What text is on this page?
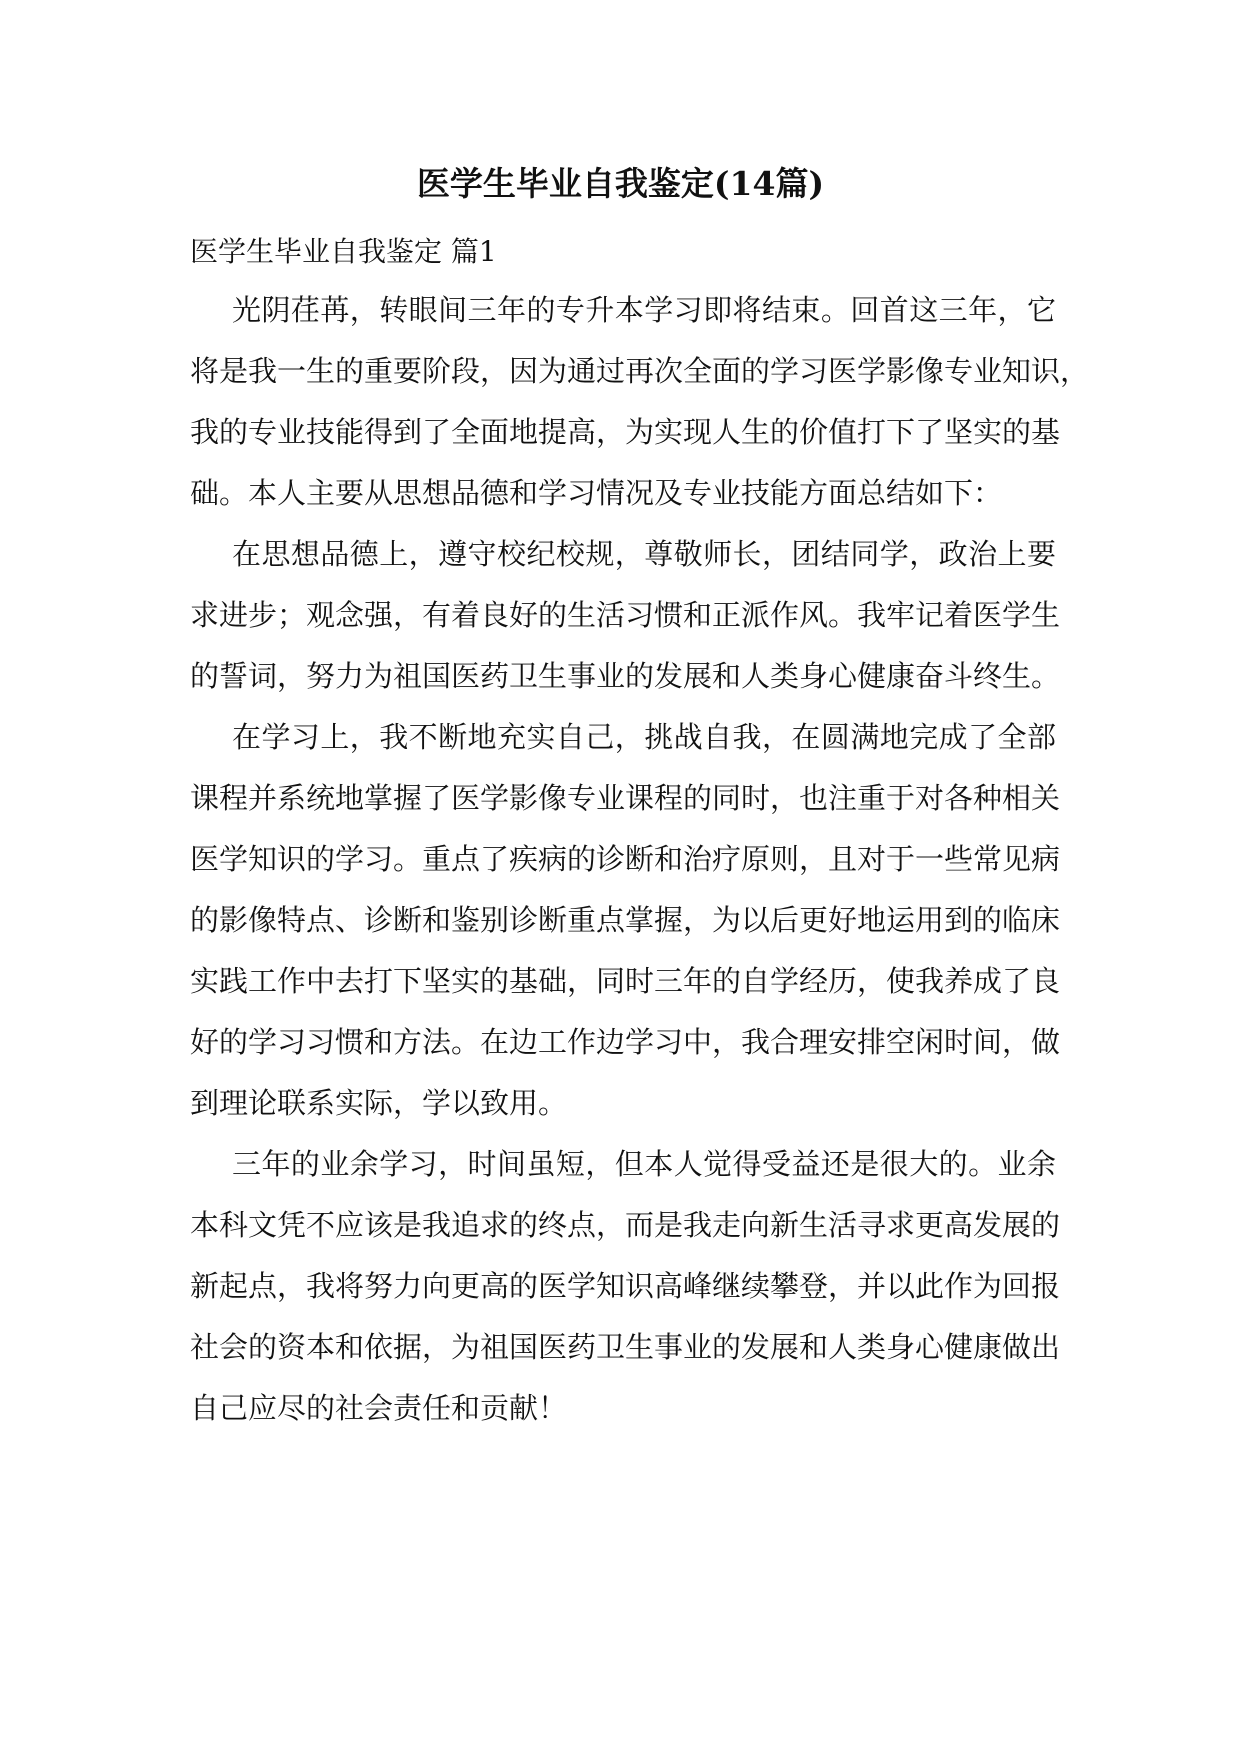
医学生毕业自我鉴定(14篇)
医学生毕业自我鉴定 篇1
光阴荏苒，转眼间三年的专升本学习即将结束。回首这三年，它
将是我一生的重要阶段，因为通过再次全面的学习医学影像专业知识，
我的专业技能得到了全面地提高，为实现人生的价值打下了坚实的基
础。本人主要从思想品德和学习情况及专业技能方面总结如下：
在思想品德上，遵守校纪校规，尊敬师长，团结同学，政治上要
求进步；观念强，有着良好的生活习惯和正派作风。我牢记着医学生
的誓词，努力为祖国医药卫生事业的发展和人类身心健康奋斗终生。
在学习上，我不断地充实自己，挑战自我，在圆满地完成了全部
课程并系统地掌握了医学影像专业课程的同时，也注重于对各种相关
医学知识的学习。重点了疾病的诊断和治疗原则，且对于一些常见病
的影像特点、诊断和鉴别诊断重点掌握，为以后更好地运用到的临床
实践工作中去打下坚实的基础，同时三年的自学经历，使我养成了良
好的学习习惯和方法。在边工作边学习中，我合理安排空闲时间，做
到理论联系实际，学以致用。
三年的业余学习，时间虽短，但本人觉得受益还是很大的。业余
本科文凭不应该是我追求的终点，而是我走向新生活寻求更高发展的
新起点，我将努力向更高的医学知识高峰继续攀登，并以此作为回报
社会的资本和依据，为祖国医药卫生事业的发展和人类身心健康做出
自己应尽的社会责任和贡献！
